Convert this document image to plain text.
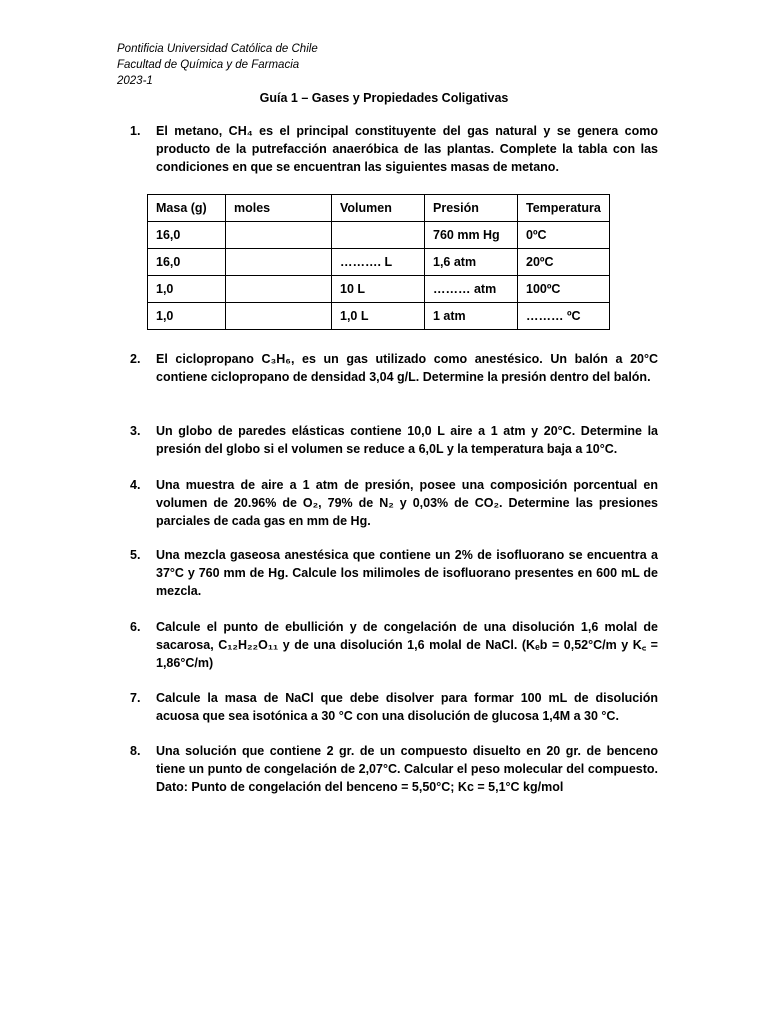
Pontificia Universidad Católica de Chile
Facultad de Química y de Farmacia
2023-1
Guía 1 – Gases y Propiedades Coligativas
1. El metano, CH₄ es el principal constituyente del gas natural y se genera como producto de la putrefacción anaeróbica de las plantas. Complete la tabla con las condiciones en que se encuentran las siguientes masas de metano.
Masa (g)	moles	Volumen	Presión	Temperatura
16,0			760 mm Hg	0ºC
16,0		………. L	1,6 atm	20ºC
1,0		10 L	……… atm	100ºC
1,0		1,0 L	1 atm	……… ºC
2. El ciclopropano C₃H₆, es un gas utilizado como anestésico. Un balón a 20°C contiene ciclopropano de densidad 3,04 g/L. Determine la presión dentro del balón.
3. Un globo de paredes elásticas contiene 10,0 L aire a 1 atm y 20°C. Determine la presión del globo si el volumen se reduce a 6,0L y la temperatura baja a 10°C.
4. Una muestra de aire a 1 atm de presión, posee una composición porcentual en volumen de 20.96% de O₂, 79% de N₂ y 0,03% de CO₂. Determine las presiones parciales de cada gas en mm de Hg.
5. Una mezcla gaseosa anestésica que contiene un 2% de isofluorano se encuentra a 37°C y 760 mm de Hg. Calcule los milimoles de isofluorano presentes en 600 mL de mezcla.
6. Calcule el punto de ebullición y de congelación de una disolución 1,6 molal de sacarosa, C₁₂H₂₂O₁₁ y de una disolución 1,6 molal de NaCl. (Kₑb = 0,52°C/m y K꜀ = 1,86°C/m)
7. Calcule la masa de NaCl que debe disolver para formar 100 mL de disolución acuosa que sea isotónica a 30 °C con una disolución de glucosa 1,4M a 30 °C.
8. Una solución que contiene 2 gr. de un compuesto disuelto en 20 gr. de benceno tiene un punto de congelación de 2,07°C. Calcular el peso molecular del compuesto. Dato: Punto de congelación del benceno = 5,50°C; Kc = 5,1°C kg/mol
